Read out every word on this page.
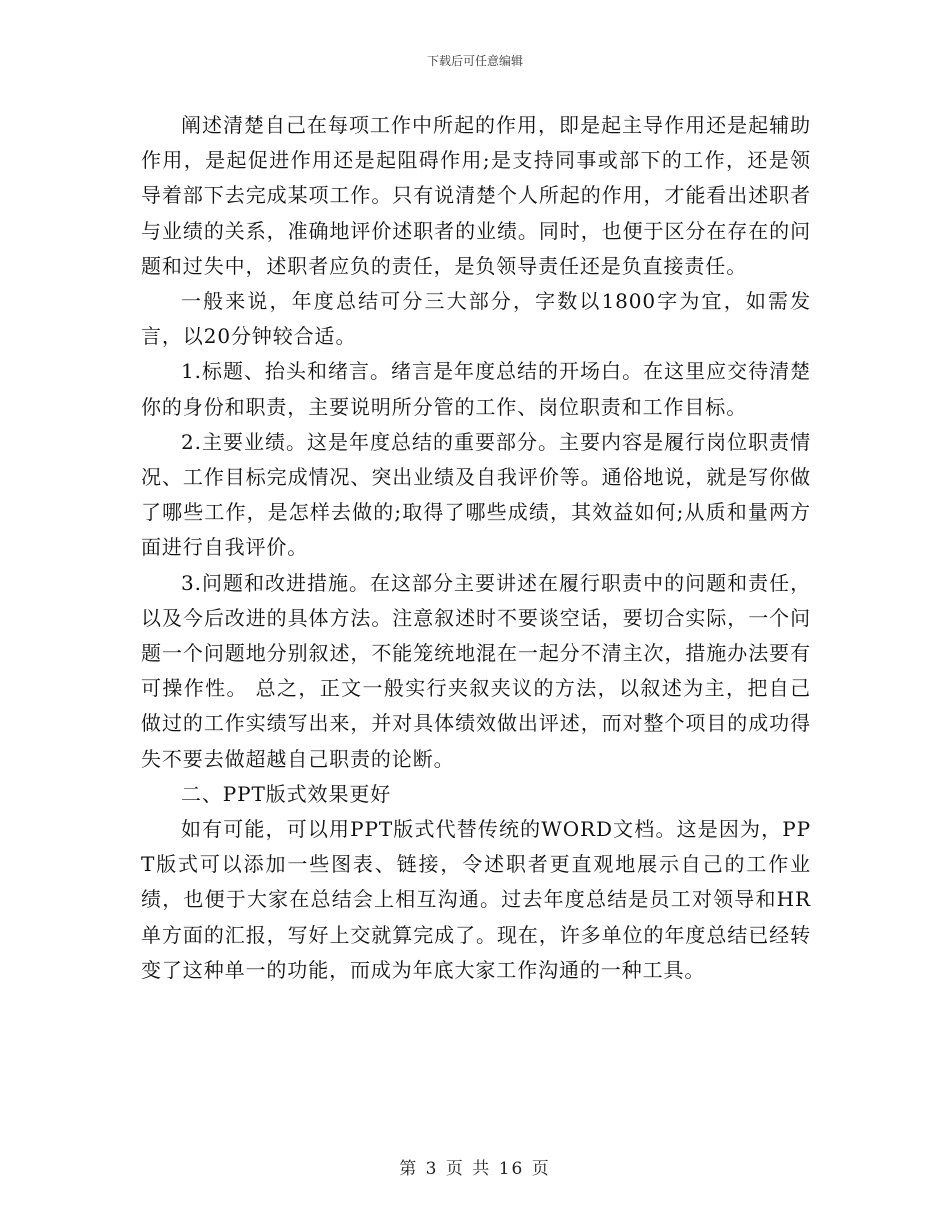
下载后可任意编辑

阐述清楚自己在每项工作中所起的作用，即是起主导作用还是起辅助作用，是起促进作用还是起阻碍作用;是支持同事或部下的工作，还是领导着部下去完成某项工作。只有说清楚个人所起的作用，才能看出述职者与业绩的关系，准确地评价述职者的业绩。同时，也便于区分在存在的问题和过失中，述职者应负的责任，是负领导责任还是负直接责任。

一般来说，年度总结可分三大部分，字数以1800字为宜，如需发言，以20分钟较合适。

1.标题、抬头和绪言。绪言是年度总结的开场白。在这里应交待清楚你的身份和职责，主要说明所分管的工作、岗位职责和工作目标。

2.主要业绩。这是年度总结的重要部分。主要内容是履行岗位职责情况、工作目标完成情况、突出业绩及自我评价等。通俗地说，就是写你做了哪些工作，是怎样去做的;取得了哪些成绩，其效益如何;从质和量两方面进行自我评价。

3.问题和改进措施。在这部分主要讲述在履行职责中的问题和责任，以及今后改进的具体方法。注意叙述时不要谈空话，要切合实际，一个问题一个问题地分别叙述，不能笼统地混在一起分不清主次，措施办法要有可操作性。 总之，正文一般实行夹叙夹议的方法，以叙述为主，把自己做过的工作实绩写出来，并对具体绩效做出评述，而对整个项目的成功得失不要去做超越自己职责的论断。

二、PPT版式效果更好

如有可能，可以用PPT版式代替传统的WORD文档。这是因为，PPT版式可以添加一些图表、链接，令述职者更直观地展示自己的工作业绩，也便于大家在总结会上相互沟通。过去年度总结是员工对领导和HR单方面的汇报，写好上交就算完成了。现在，许多单位的年度总结已经转变了这种单一的功能，而成为年底大家工作沟通的一种工具。

第 3 页 共 16 页
